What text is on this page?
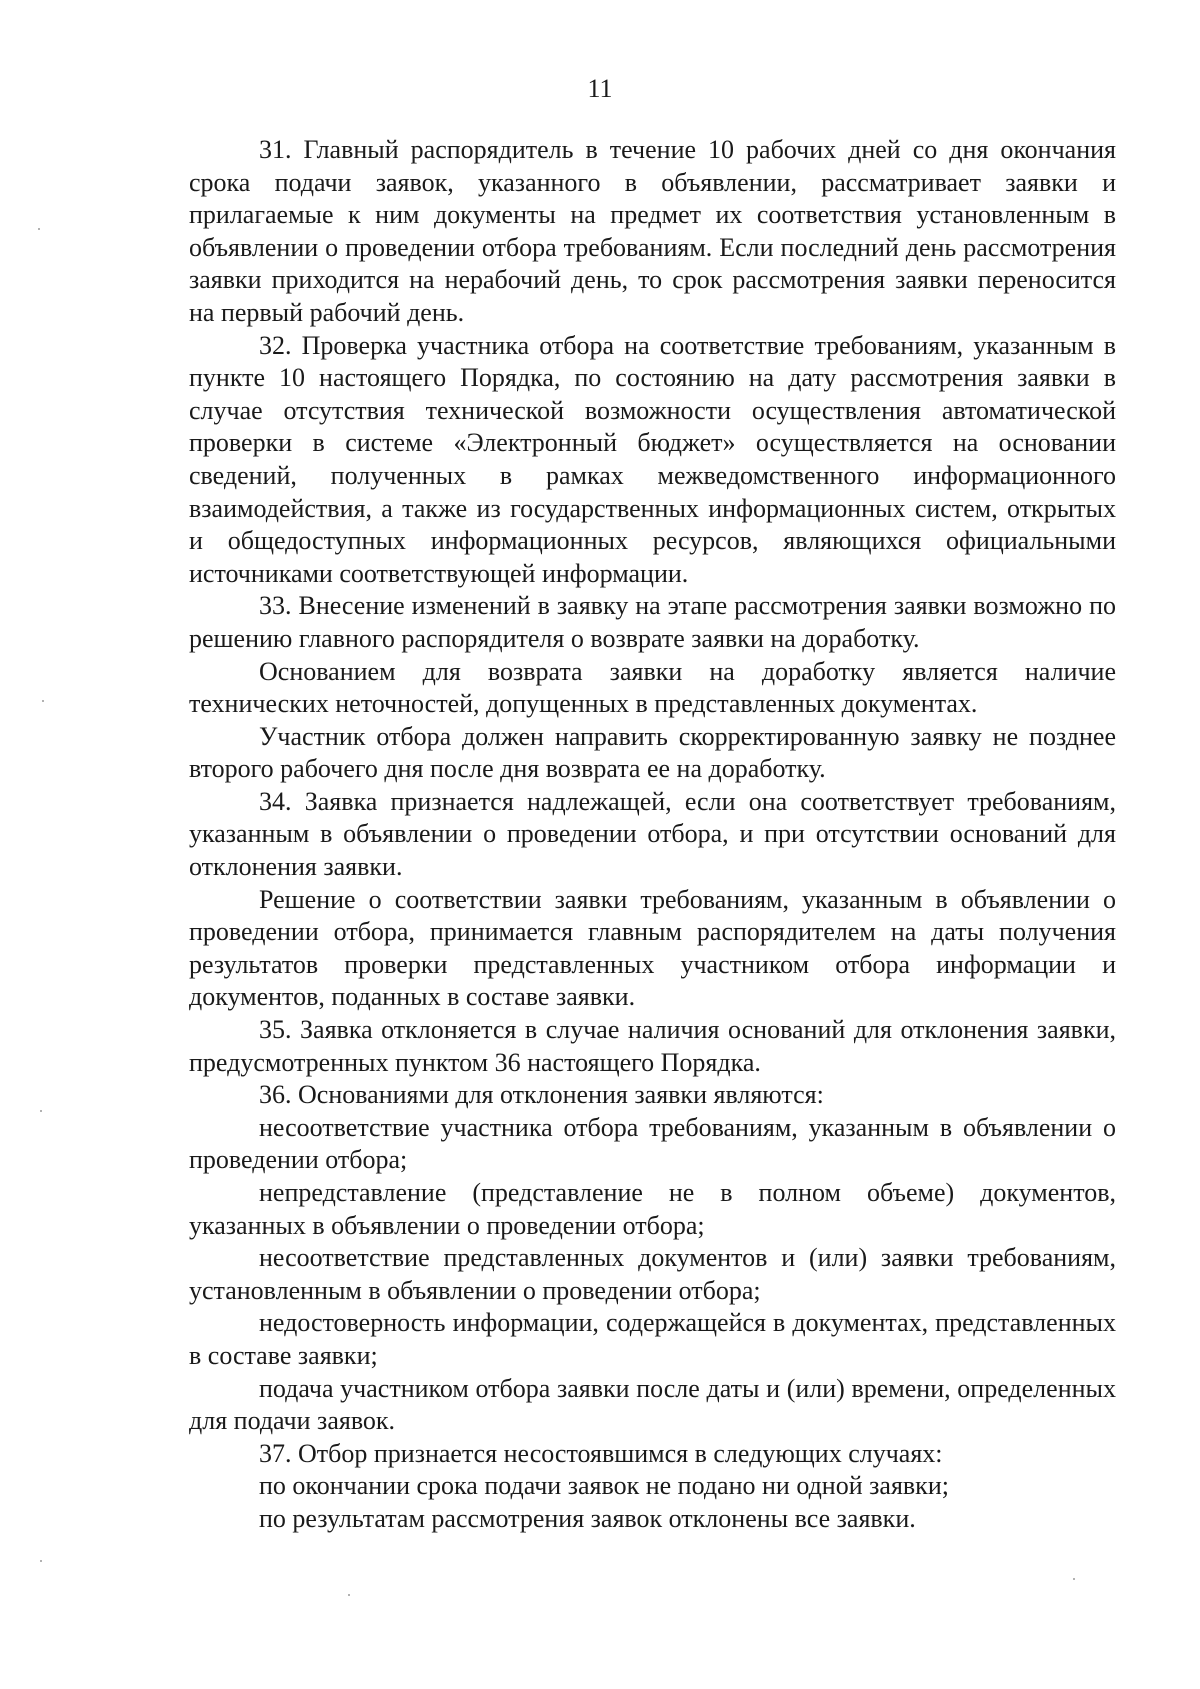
11

31. Главный распорядитель в течение 10 рабочих дней со дня окончания срока подачи заявок, указанного в объявлении, рассматривает заявки и прилагаемые к ним документы на предмет их соответствия установленным в объявлении о проведении отбора требованиям. Если последний день рассмотрения заявки приходится на нерабочий день, то срок рассмотрения заявки переносится на первый рабочий день.

32. Проверка участника отбора на соответствие требованиям, указанным в пункте 10 настоящего Порядка, по состоянию на дату рассмотрения заявки в случае отсутствия технической возможности осуществления автоматической проверки в системе «Электронный бюджет» осуществляется на основании сведений, полученных в рамках межведомственного информационного взаимодействия, а также из государственных информационных систем, открытых и общедоступных информационных ресурсов, являющихся официальными источниками соответствующей информации.

33. Внесение изменений в заявку на этапе рассмотрения заявки возможно по решению главного распорядителя о возврате заявки на доработку.

Основанием для возврата заявки на доработку является наличие технических неточностей, допущенных в представленных документах.

Участник отбора должен направить скорректированную заявку не позднее второго рабочего дня после дня возврата ее на доработку.

34. Заявка признается надлежащей, если она соответствует требованиям, указанным в объявлении о проведении отбора, и при отсутствии оснований для отклонения заявки.

Решение о соответствии заявки требованиям, указанным в объявлении о проведении отбора, принимается главным распорядителем на даты получения результатов проверки представленных участником отбора информации и документов, поданных в составе заявки.

35. Заявка отклоняется в случае наличия оснований для отклонения заявки, предусмотренных пунктом 36 настоящего Порядка.

36. Основаниями для отклонения заявки являются:

несоответствие участника отбора требованиям, указанным в объявлении о проведении отбора;

непредставление (представление не в полном объеме) документов, указанных в объявлении о проведении отбора;

несоответствие представленных документов и (или) заявки требованиям, установленным в объявлении о проведении отбора;

недостоверность информации, содержащейся в документах, представленных в составе заявки;

подача участником отбора заявки после даты и (или) времени, определенных для подачи заявок.

37. Отбор признается несостоявшимся в следующих случаях:

по окончании срока подачи заявок не подано ни одной заявки;

по результатам рассмотрения заявок отклонены все заявки.
